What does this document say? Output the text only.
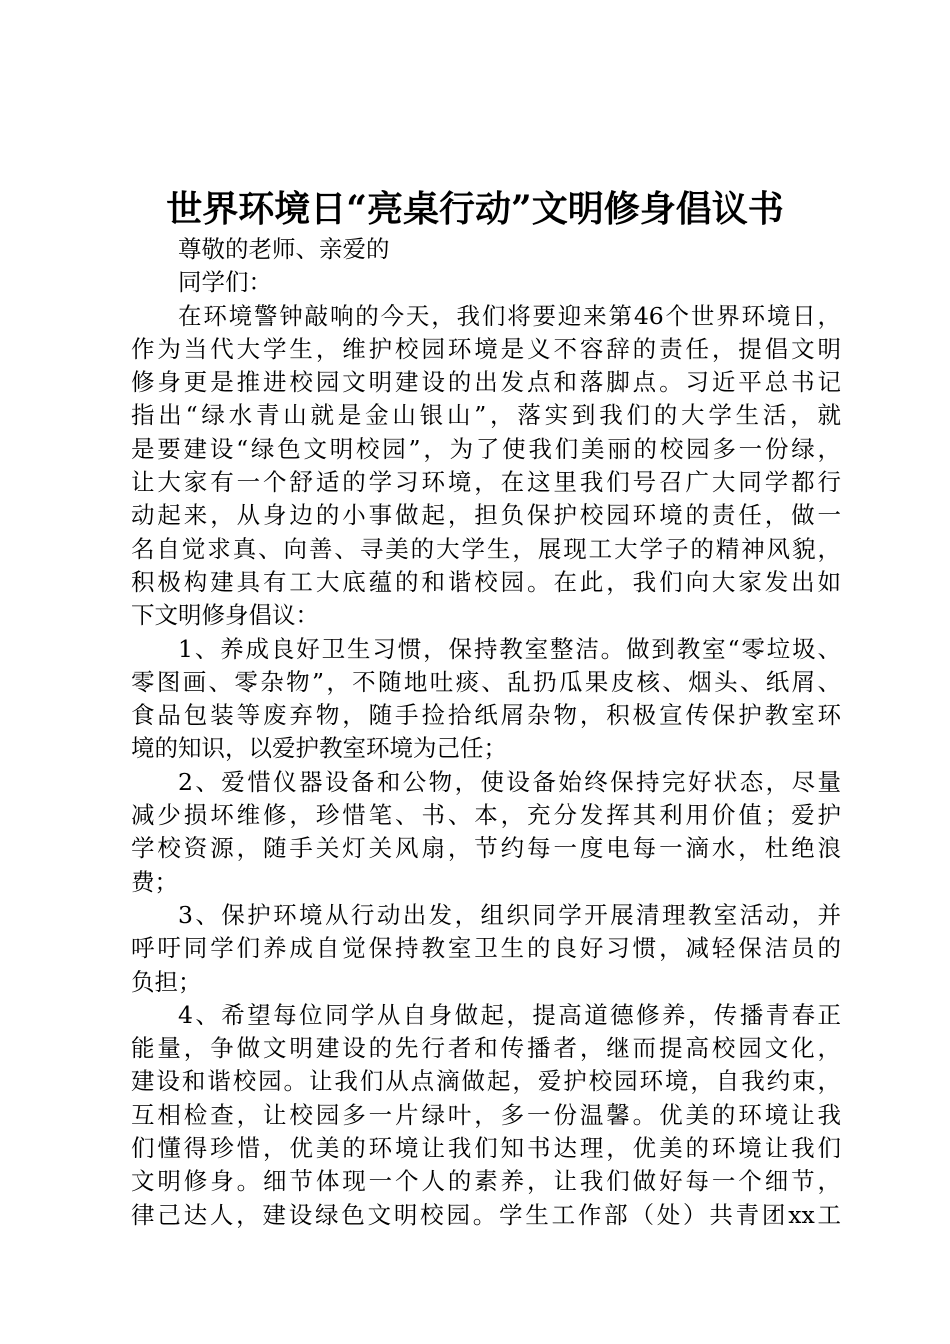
世界环境日“亮桌行动”文明修身倡议书
尊敬的老师、亲爱的
同学们：
在环境警钟敲响的今天，我们将要迎来第46个世界环境日，
作为当代大学生，维护校园环境是义不容辞的责任，提倡文明
修身更是推进校园文明建设的出发点和落脚点。习近平总书记
指出“绿水青山就是金山银山”，落实到我们的大学生活，就
是要建设“绿色文明校园”，为了使我们美丽的校园多一份绿，
让大家有一个舒适的学习环境，在这里我们号召广大同学都行
动起来，从身边的小事做起，担负保护校园环境的责任，做一
名自觉求真、向善、寻美的大学生，展现工大学子的精神风貌，
积极构建具有工大底蕴的和谐校园。在此，我们向大家发出如
下文明修身倡议：
1、养成良好卫生习惯，保持教室整洁。做到教室“零垃圾、
零图画、零杂物”，不随地吐痰、乱扔瓜果皮核、烟头、纸屑、
食品包装等废弃物，随手捡拾纸屑杂物，积极宣传保护教室环
境的知识，以爱护教室环境为己任；
2、爱惜仪器设备和公物，使设备始终保持完好状态，尽量
减少损坏维修，珍惜笔、书、本，充分发挥其利用价值；爱护
学校资源，随手关灯关风扇，节约每一度电每一滴水，杜绝浪
费；
3、保护环境从行动出发，组织同学开展清理教室活动，并
呼吁同学们养成自觉保持教室卫生的良好习惯，减轻保洁员的
负担；
4、希望每位同学从自身做起，提高道德修养，传播青春正
能量，争做文明建设的先行者和传播者，继而提高校园文化，
建设和谐校园。让我们从点滴做起，爱护校园环境，自我约束，
互相检查，让校园多一片绿叶，多一份温馨。优美的环境让我
们懂得珍惜，优美的环境让我们知书达理，优美的环境让我们
文明修身。细节体现一个人的素养，让我们做好每一个细节，
律己达人，建设绿色文明校园。学生工作部（处）共青团xx工
